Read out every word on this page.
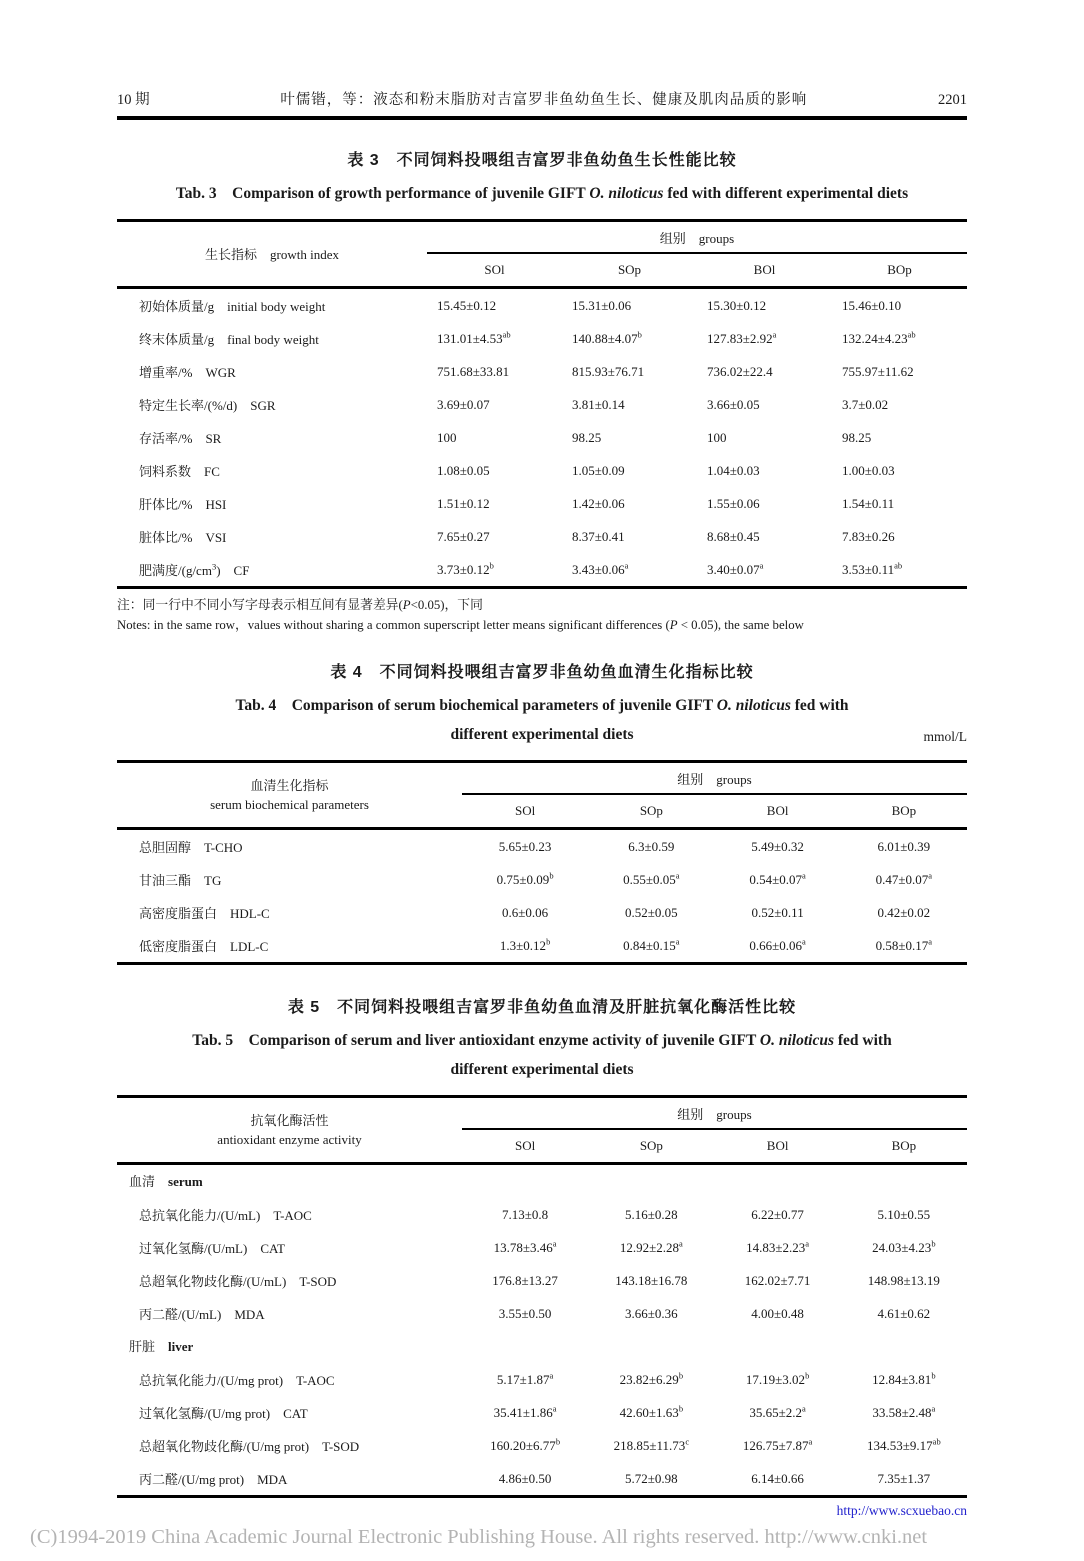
10 期	叶儒锴，等：液态和粉末脂肪对吉富罗非鱼幼鱼生长、健康及肌肉品质的影响	2201
表 3　不同饲料投喂组吉富罗非鱼幼鱼生长性能比较
Tab. 3　Comparison of growth performance of juvenile GIFT O. niloticus fed with different experimental diets
生长指标　growth index
组别　groups
SOl	SOp	BOl	BOp
初始体质量/g　initial body weight	15.45±0.12	15.31±0.06	15.30±0.12	15.46±0.10
终末体质量/g　final body weight	131.01±4.53$^{ab}$	140.88±4.07$^b$	127.83±2.92$^a$	132.24±4.23$^{ab}$
增重率/%　WGR	751.68±33.81	815.93±76.71	736.02±22.4	755.97±11.62
特定生长率/(%/d)　SGR	3.69±0.07	3.81±0.14	3.66±0.05	3.7±0.02
存活率/%　SR	100	98.25	100	98.25
饲料系数　FC	1.08±0.05	1.05±0.09	1.04±0.03	1.00±0.03
肝体比/%　HSI	1.51±0.12	1.42±0.06	1.55±0.06	1.54±0.11
脏体比/%　VSI	7.65±0.27	8.37±0.41	8.68±0.45	7.83±0.26
肥满度$/(g/cm^3)$　CF	3.73±0.12$^b$	3.43±0.06$^a$	3.40±0.07$^a$	3.53±0.11$^{ab}$
注：同一行中不同小写字母表示相互间有显著差异(P<0.05)，下同
Notes: in the same row，values without sharing a common superscript letter means significant differences (P < 0.05), the same below
表 4　不同饲料投喂组吉富罗非鱼幼鱼血清生化指标比较
Tab. 4　Comparison of serum biochemical parameters of juvenile GIFT O. niloticus fed with
different experimental diets	mmol/L
血清生化指标
serum biochemical parameters
组别　groups
SOl	SOp	BOl	BOp
总胆固醇　T-CHO	5.65±0.23	6.3±0.59	5.49±0.32	6.01±0.39
甘油三酯　TG	0.75±0.09$^b$	0.55±0.05$^a$	0.54±0.07$^a$	0.47±0.07$^a$
高密度脂蛋白　HDL-C	0.6±0.06	0.52±0.05	0.52±0.11	0.42±0.02
低密度脂蛋白　LDL-C	1.3±0.12$^b$	0.84±0.15$^a$	0.66±0.06$^a$	0.58±0.17$^a$
表 5　不同饲料投喂组吉富罗非鱼幼鱼血清及肝脏抗氧化酶活性比较
Tab. 5　Comparison of serum and liver antioxidant enzyme activity of juvenile GIFT O. niloticus fed with
different experimental diets
抗氧化酶活性
antioxidant enzyme activity
组别　groups
SOl	SOp	BOl	BOp
血清　serum
总抗氧化能力/(U/mL)　T-AOC	7.13±0.8	5.16±0.28	6.22±0.77	5.10±0.55
过氧化氢酶/(U/mL)　CAT	13.78±3.46$^a$	12.92±2.28$^a$	14.83±2.23$^a$	24.03±4.23$^b$
总超氧化物歧化酶/(U/mL)　T-SOD	176.8±13.27	143.18±16.78	162.02±7.71	148.98±13.19
丙二醛/(U/mL)　MDA	3.55±0.50	3.66±0.36	4.00±0.48	4.61±0.62
肝脏　liver
总抗氧化能力/(U/mg prot)　T-AOC	5.17±1.87$^a$	23.82±6.29$^b$	17.19±3.02$^b$	12.84±3.81$^b$
过氧化氢酶/(U/mg prot)　CAT	35.41±1.86$^a$	42.60±1.63$^b$	35.65±2.2$^a$	33.58±2.48$^a$
总超氧化物歧化酶/(U/mg prot)　T-SOD	160.20±6.77$^b$	218.85±11.73$^c$	126.75±7.87$^a$	134.53±9.17$^{ab}$
丙二醛/(U/mg prot)　MDA	4.86±0.50	5.72±0.98	6.14±0.66	7.35±1.37
http://www.scxuebao.cn
(C)1994-2019 China Academic Journal Electronic Publishing House. All rights reserved. http://www.cnki.net
